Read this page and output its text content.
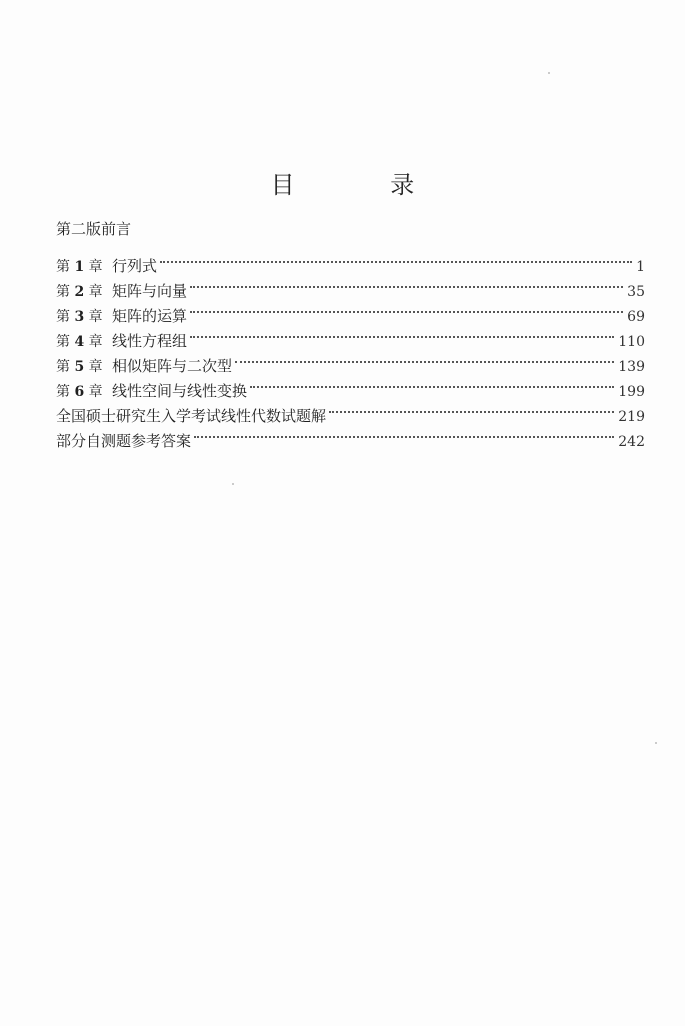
目 录
第二版前言
第 1 章 行列式	1
第 2 章 矩阵与向量	35
第 3 章 矩阵的运算	69
第 4 章 线性方程组	110
第 5 章 相似矩阵与二次型	139
第 6 章 线性空间与线性变换	199
全国硕士研究生入学考试线性代数试题解	219
部分自测题参考答案	242
